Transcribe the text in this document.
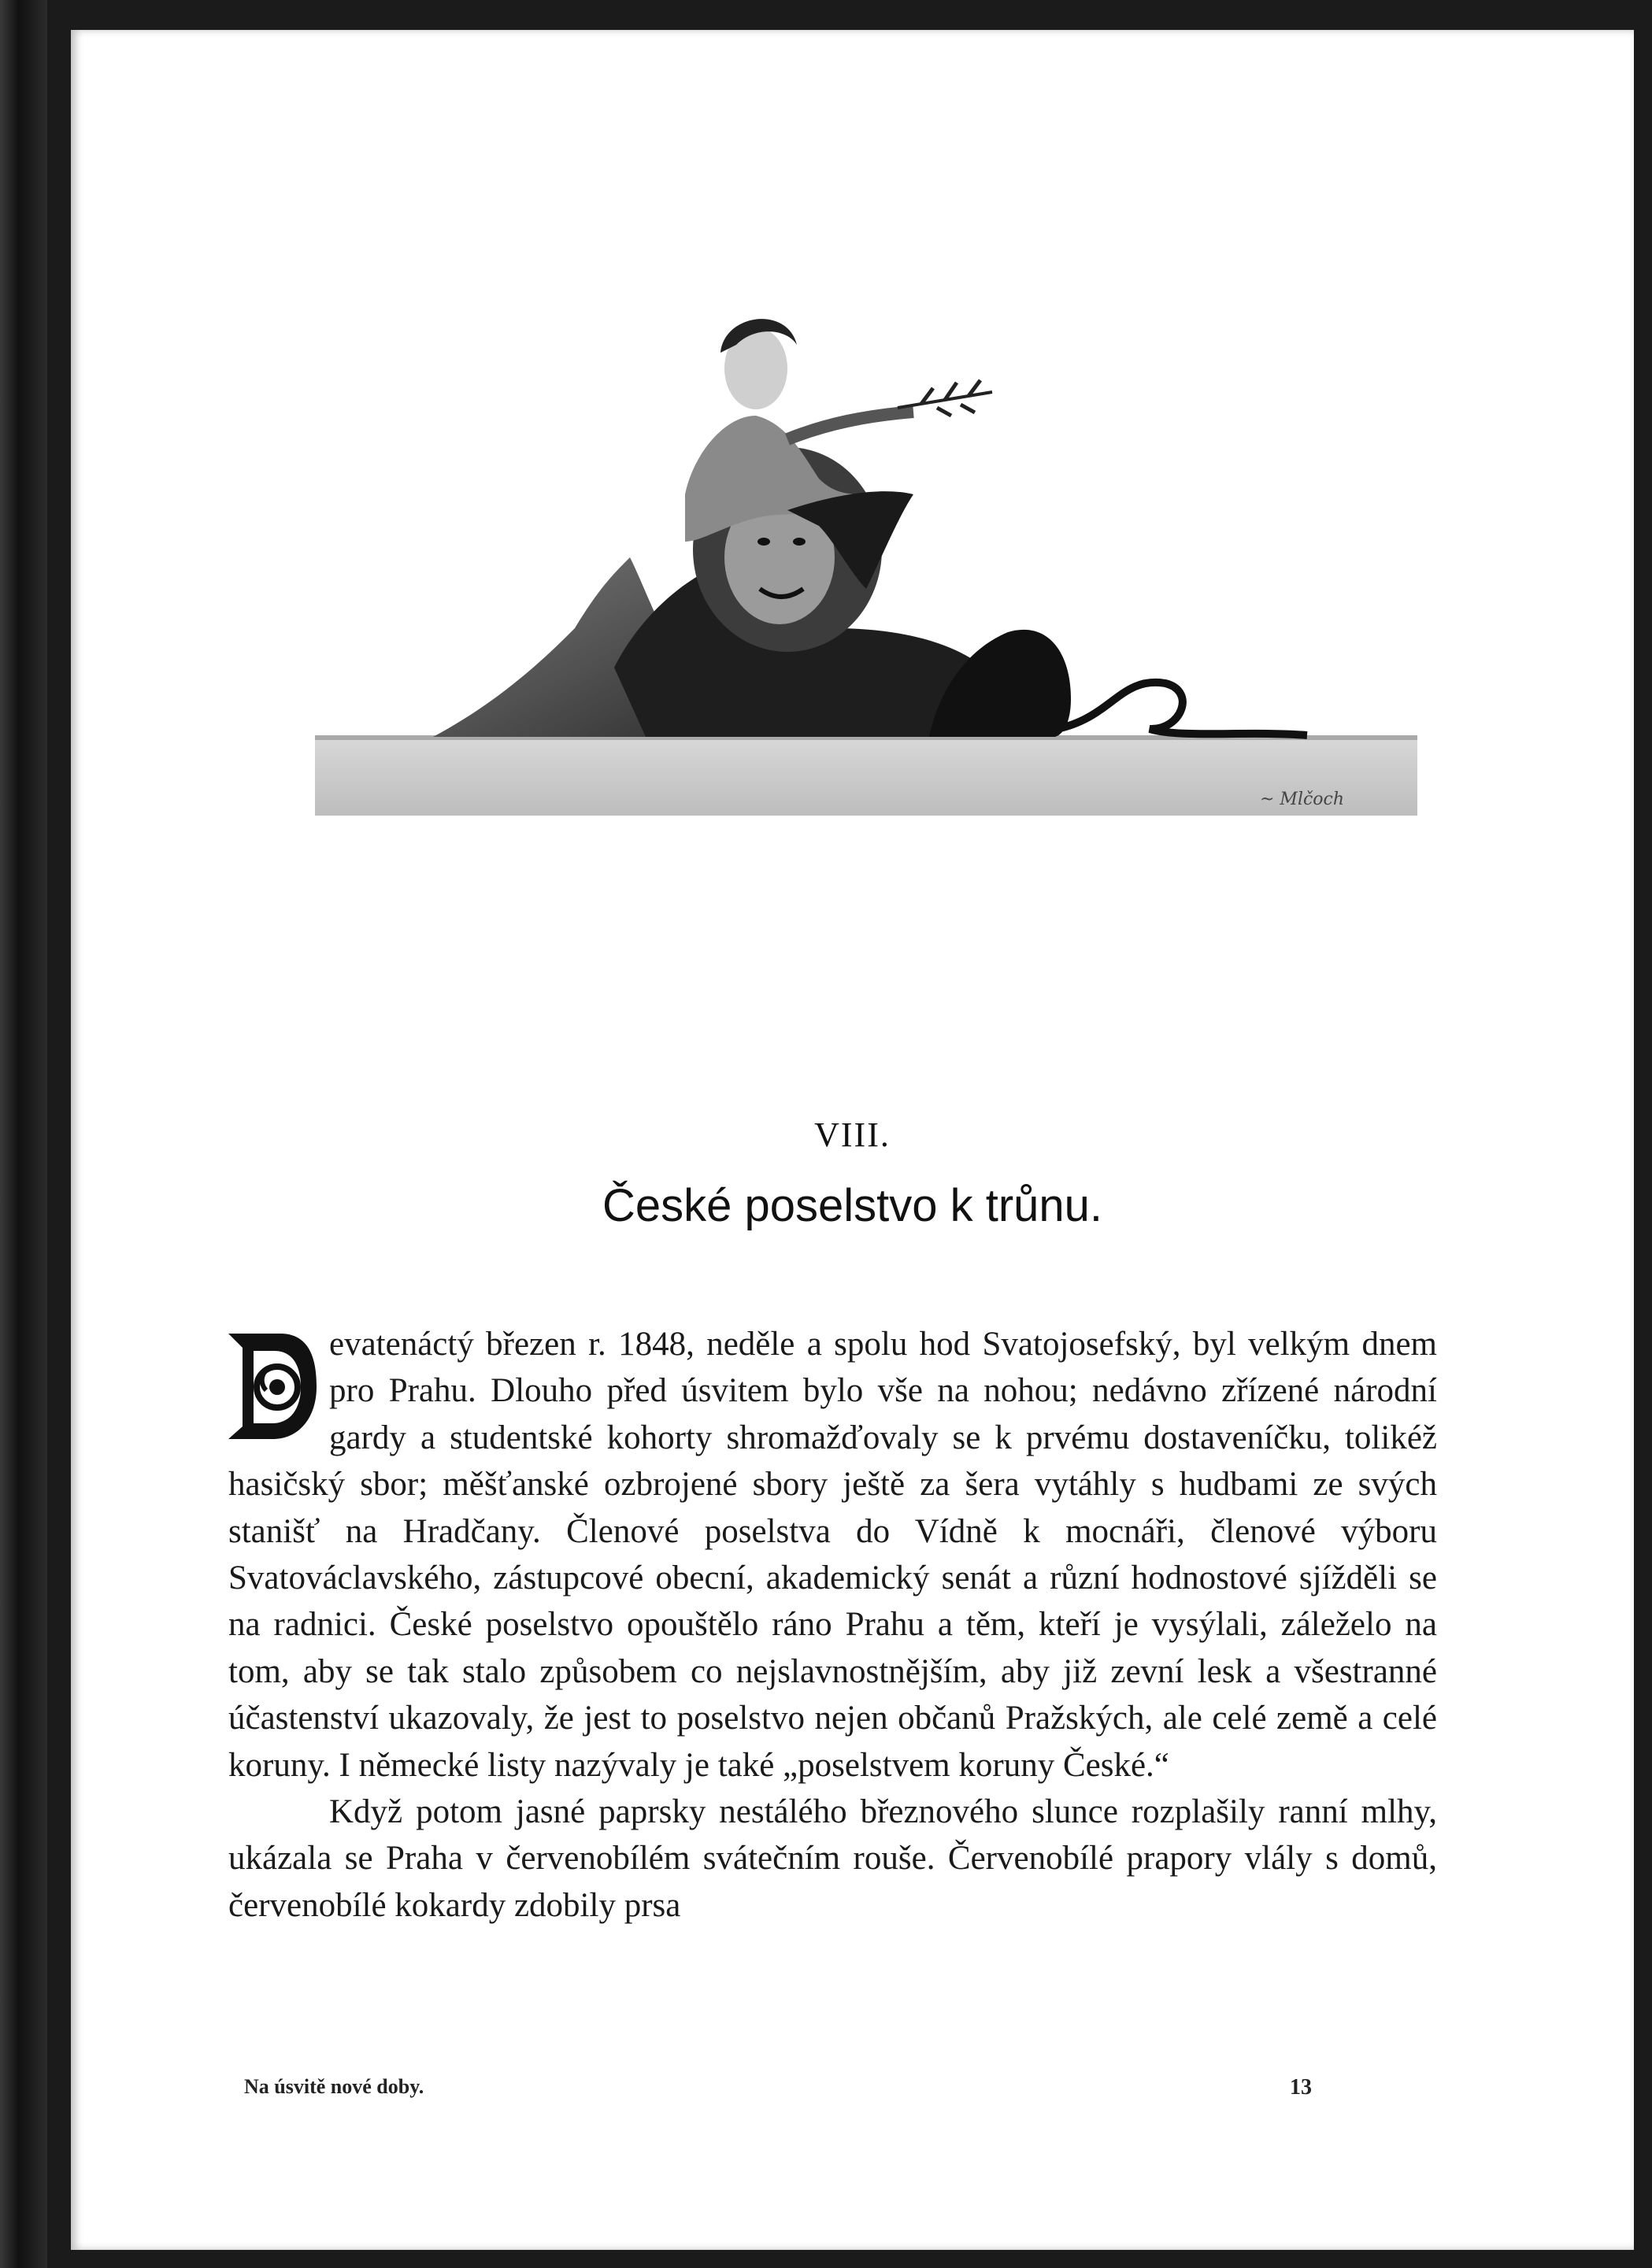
~ Mlčoch
VIII.
České poselstvo k trůnu.

D	evatenáctý březen r. 1848, neděle a spolu hod Svatojosefský, byl velkým dnem pro Prahu. Dlouho před úsvitem bylo vše na nohou; nedávno zřízené národní gardy a studentské kohorty shromažďovaly se k prvému dostaveníčku, tolikéž hasičský sbor; měšťanské ozbrojené sbory ještě za šera vytáhly s hudbami ze svých stanišť na Hradčany. Členové poselstva do Vídně k mocnáři, členové výboru Svatováclavského, zástupcové obecní, akademický senát a různí hodnostové sjížděli se na radnici. České poselstvo opouštělo ráno Prahu a těm, kteří je vysýlali, záleželo na tom, aby se tak stalo způsobem co nejslavnostnějším, aby již zevní lesk a všestranné účastenství ukazovaly, že jest to poselstvo nejen občanů Pražských, ale celé země a celé koruny. I německé listy nazývaly je také „poselstvem koruny České.“

Když potom jasné paprsky nestálého březnového slunce rozplašily ranní mlhy, ukázala se Praha v červenobílém svátečním rouše. Červenobílé prapory vlály s domů, červenobílé kokardy zdobily prsa

Na úsvitě nové doby.	13
